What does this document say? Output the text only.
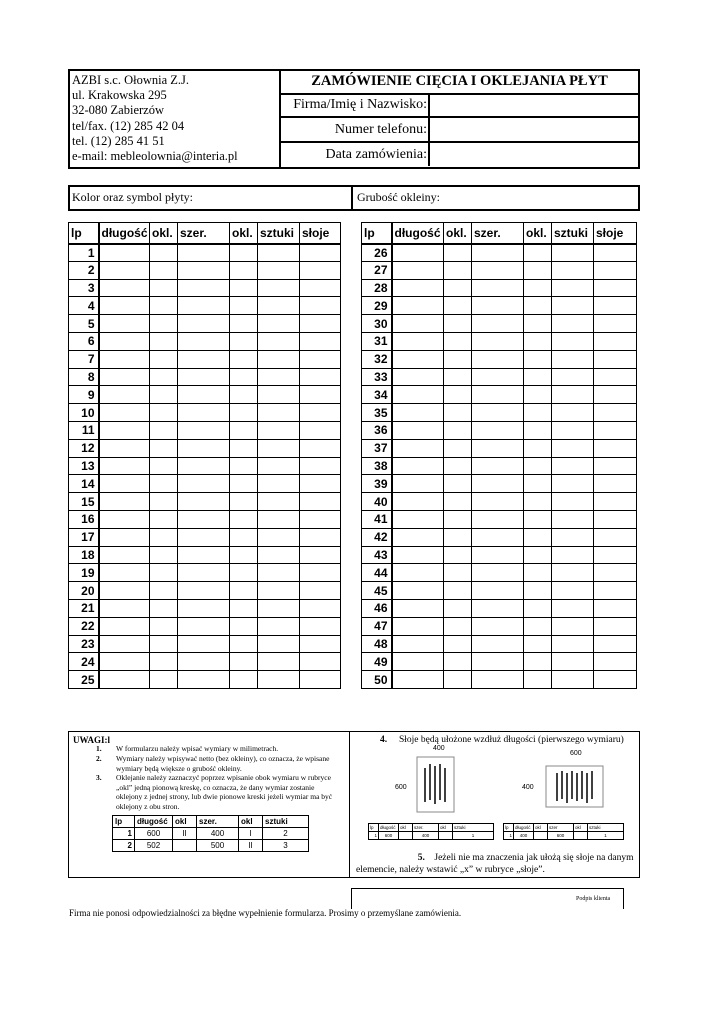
AZBI s.c. Ołownia Z.J.
ul. Krakowska 295
32-080 Zabierzów
tel/fax. (12) 285 42 04
tel. (12) 285 41 51
e-mail: mebleolownia@interia.pl
ZAMÓWIENIE CIĘCIA I OKLEJANIA PŁYT
Firma/Imię i Nazwisko:
Numer telefonu:
Data zamówienia:
Kolor oraz symbol płyty:	Grubość okleiny:
lp	długość	okl.	szer.	okl.	sztuki	słoje
1						
2						
3						
4						
5						
6						
7						
8						
9						
10						
11						
12						
13						
14						
15						
16						
17						
18						
19						
20						
21						
22						
23						
24						
25						
lp	długość	okl.	szer.	okl.	sztuki	słoje
26						
27						
28						
29						
30						
31						
32						
33						
34						
35						
36						
37						
38						
39						
40						
41						
42						
43						
44						
45						
46						
47						
48						
49						
50						
UWAGI:l
1. W formularzu należy wpisać wymiary w milimetrach.
2. Wymiary należy wpisywać netto (bez okleiny), co oznacza, że wpisane wymiary będą większe o grubość okleiny.
3. Oklejanie należy zaznaczyć poprzez wpisanie obok wymiaru w rubryce „okl” jedną pionową kreskę, co oznacza, że dany wymiar zostanie oklejony z jednej strony, lub dwie pionowe kreski jeżeli wymiar ma być oklejony z obu stron.
lp	długość	okl	szer.	okl	sztuki
1	600	II	400	I	2
2	502		500	II	3
4. Słoje będą ułożone wzdłuż długości (pierwszego wymiaru)
400
600
600
400
lp	długość	okl	szer.	okl	sztuki
1	600		400		1
lp	długość	okl	szer	okl	sztuki
1	400		600		1
5. Jeżeli nie ma znaczenia jak ułożą się słoje na danym elemencie, należy wstawić „x” w rubryce „słoje”.
Podpis klienta
Firma nie ponosi odpowiedzialności za błędne wypełnienie formularza. Prosimy o przemyślane zamówienia.
